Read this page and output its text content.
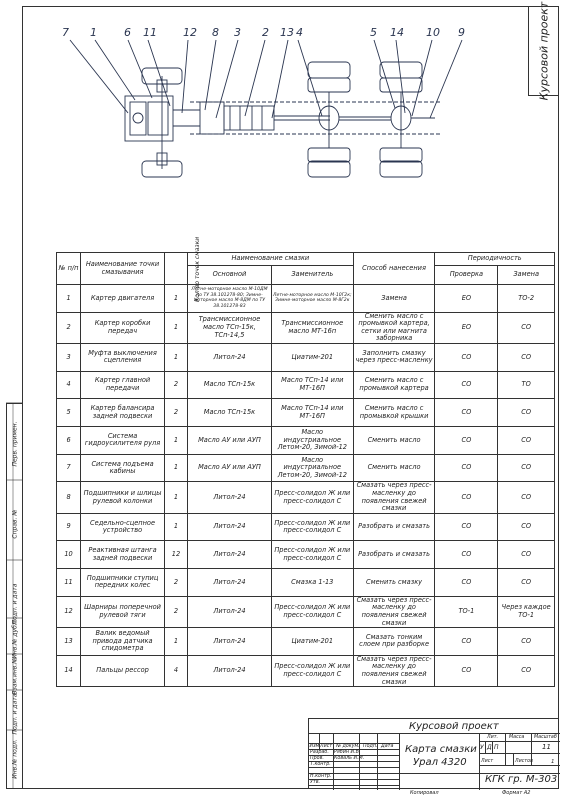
Курсовой проект
Перв. примен.
Справ. №
Подп. и дата
Инв.№ дубл.
Взам.инв.№
Подп. и дата
Инв.№ подл.
7 1 6 11 12 8 3 2 13 4	5 14 10 9
№ п/п	Наименование точки смазывания	Кол-во точек смазки	Наименование смазки		Способ нанесения	Периодичность	
			Основной	Заменитель		Проверка	Замена
1	Картер двигателя	1	Летне-моторное масло М-10ДМ по ТУ 38.101278-80; Зимне-моторное масло М-8ДМ по ТУ 38.101278-83	Летне-моторное масло М-10Г2к; Зимне-моторное масло М-8Г2к	Замена	ЕО	ТО-2
2	Картер коробки передач	1	Трансмиссионное масло ТСп-15к, ТСп-14,5	Трансмиссионное масло МТ-16п	Сменить масло с промывкой картера, сетки или магнита заборника	ЕО	СО
3	Муфта выключения сцепления	1	Литол-24	Циатим-201	Заполнить смазку через пресс-масленку	СО	СО
4	Картер главной передачи	2	Масло ТСп-15к	Масло ТСп-14 или МТ-16П	Сменить масло с промывкой картера	СО	ТО
5	Картер балансира задней подвески	2	Масло ТСп-15к	Масло ТСп-14 или МТ-16П	Сменить масло с промывкой крышки	СО	СО
6	Система гидроусилителя руля	1	Масло АУ или АУП	Масло индустриальное Летом-20, Зимой-12	Сменить масло	СО	СО
7	Система подъема кабины	1	Масло АУ или АУП	Масло индустриальное Летом-20, Зимой-12	Сменить масло	СО	СО
8	Подшипники и шлицы рулевой колонки	1	Литол-24	Пресс-солидол Ж или пресс-солидол С	Смазать через пресс-масленку до появления свежей смазки	СО	СО
9	Седельно-сцепное устройство	1	Литол-24	Пресс-солидол Ж или пресс-солидол С	Разобрать и смазать	СО	СО
10	Реактивная штанга задней подвески	12	Литол-24	Пресс-солидол Ж или пресс-солидол С	Разобрать и смазать	СО	СО
11	Подшипники ступиц передних колес	2	Литол-24	Смазка 1-13	Сменить смазку	СО	СО
12	Шарниры поперечной рулевой тяги	2	Литол-24	Пресс-солидол Ж или пресс-солидол С	Смазать через пресс-масленку до появления свежей смазки	ТО-1	Через каждое ТО-1
13	Валик ведомый привода датчика спидометра	1	Литол-24	Циатим-201	Смазать тонким слоем при разборке	СО	СО
14	Пальцы рессор	4	Литол-24	Пресс-солидол Ж или пресс-солидол С	Смазать через пресс-масленку до появления свежей смазки	СО	СО
Курсовой проект
Карта смазки
Урал 4320
КГК гр. М-303
Изм Лист № докум. Подп. Дата
Разраб.
Пров.
Т.контр.
Н.контр.
Утв.
Рябин И.В.
Коваль И.М.
Лит. Масса Масштаб
У Д П	11
Лист	Листов	1
Копировал	Формат А2
